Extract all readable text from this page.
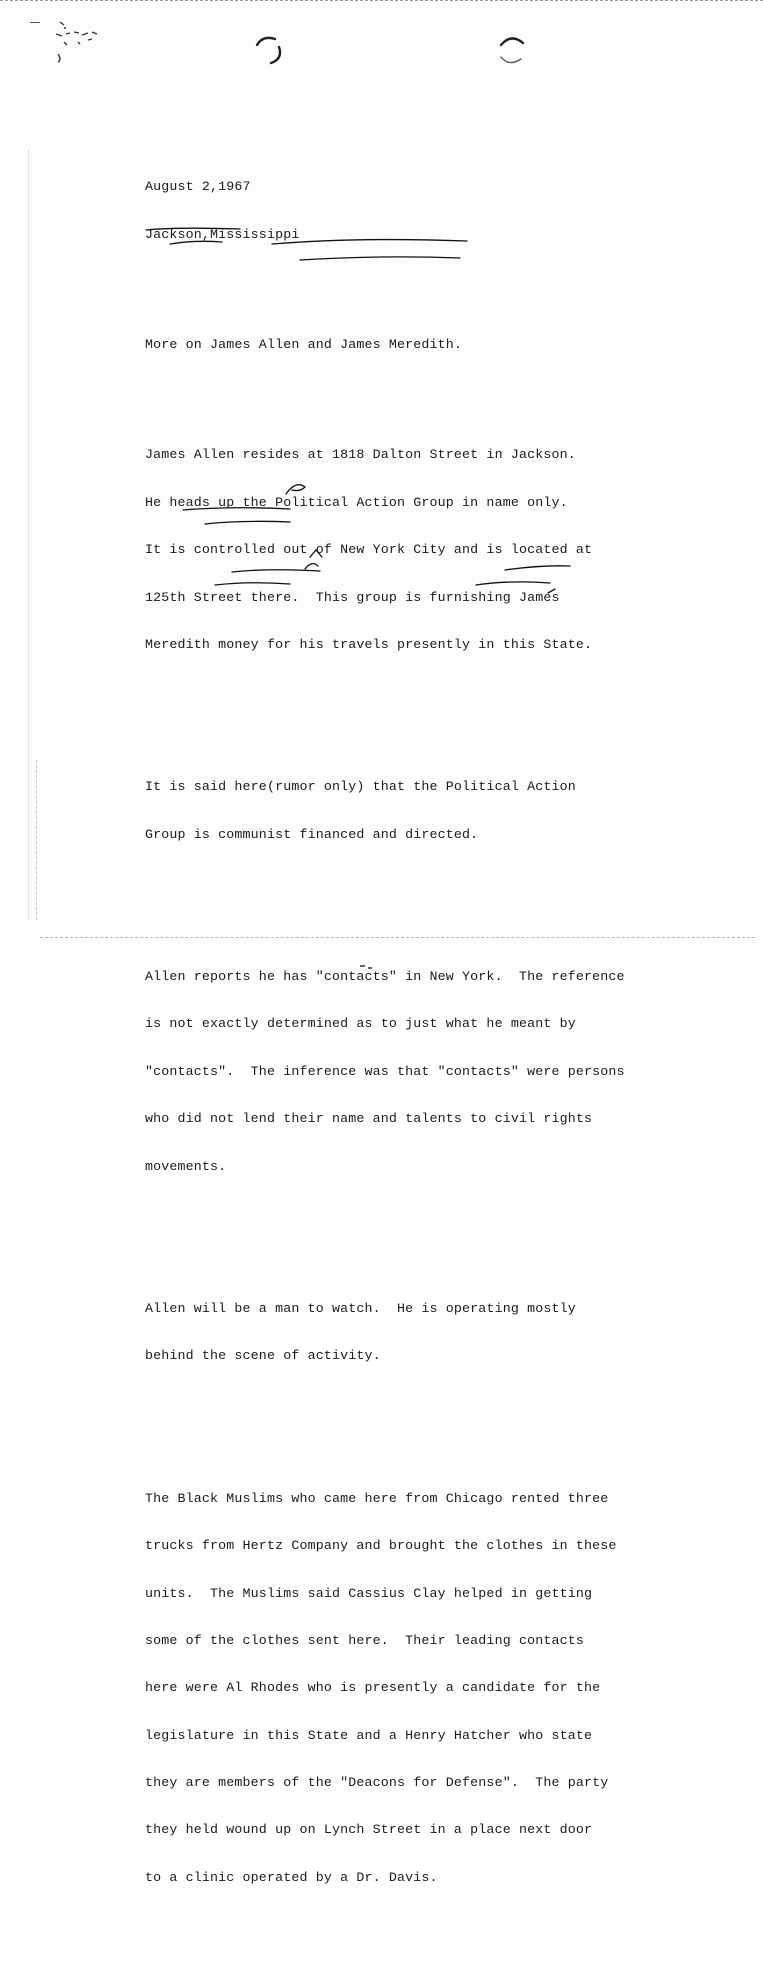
August 2,1967

Jackson,Mississippi

More on James Allen and James Meredith.

James Allen resides at 1818 Dalton Street in Jackson.

He heads up the Political Action Group in name only.

It is controlled out of New York City and is located at

125th Street there.  This group is furnishing James

Meredith money for his travels presently in this State.

It is said here(rumor only) that the Political Action

Group is communist financed and directed.

Allen reports he has "contacts" in New York.  The reference

is not exactly determined as to just what he meant by

"contacts".  The inference was that "contacts" were persons

who did not lend their name and talents to civil rights

movements.

Allen will be a man to watch.  He is operating mostly

behind the scene of activity.

The Black Muslims who came here from Chicago rented three

trucks from Hertz Company and brought the clothes in these

units.  The Muslims said Cassius Clay helped in getting

some of the clothes sent here.  Their leading contacts

here were Al Rhodes who is presently a candidate for the

legislature in this State and a Henry Hatcher who state

they are members of the "Deacons for Defense".  The party

they held wound up on Lynch Street in a place next door

to a clinic operated by a Dr. Davis.
